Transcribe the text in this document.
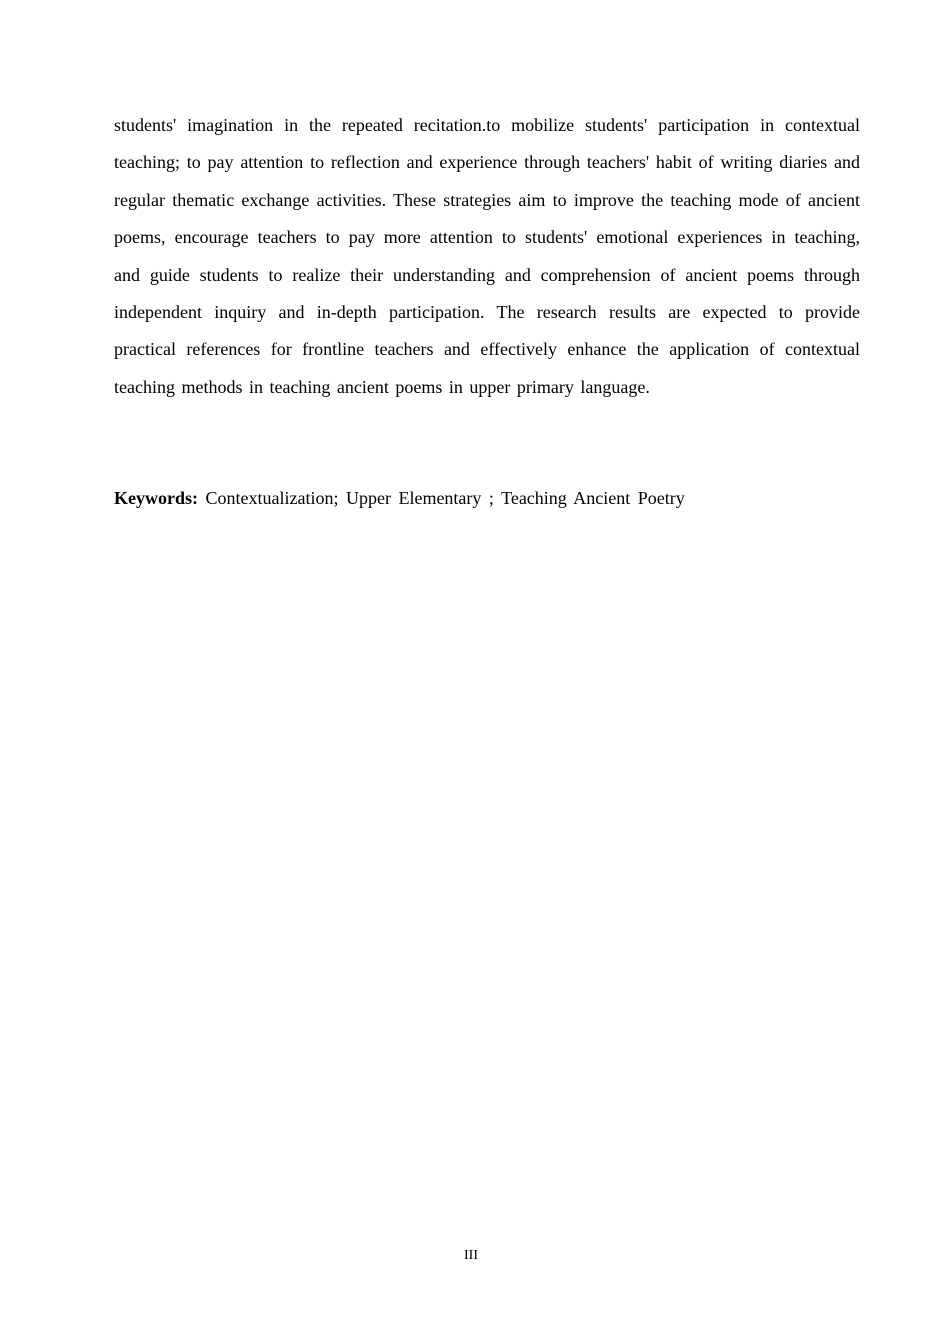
students' imagination in the repeated recitation.to mobilize students' participation in contextual teaching; to pay attention to reflection and experience through teachers' habit of writing diaries and regular thematic exchange activities. These strategies aim to improve the teaching mode of ancient poems, encourage teachers to pay more attention to students' emotional experiences in teaching, and guide students to realize their understanding and comprehension of ancient poems through independent inquiry and in-depth participation. The research results are expected to provide practical references for frontline teachers and effectively enhance the application of contextual teaching methods in teaching ancient poems in upper primary language.

Keywords: Contextualization; Upper Elementary ; Teaching Ancient Poetry

III
